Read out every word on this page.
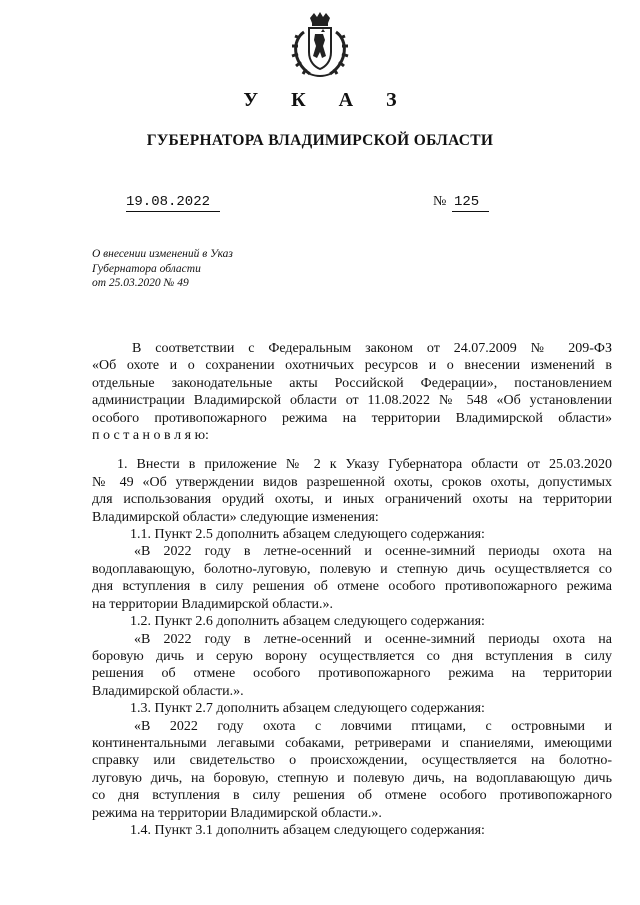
У К А З
ГУБЕРНАТОРА ВЛАДИМИРСКОЙ ОБЛАСТИ
19.08.2022	№ 125
О внесении изменений в Указ
Губернатора области
от 25.03.2020 № 49
В соответствии с Федеральным законом от 24.07.2009 № 209-ФЗ
«Об охоте и о сохранении охотничьих ресурсов и о внесении изменений в
отдельные законодательные акты Российской Федерации», постановлением
администрации Владимирской области от 11.08.2022 № 548 «Об установлении
особого противопожарного режима на территории Владимирской области»
п о с т а н о в л я ю:
1. Внести в приложение № 2 к Указу Губернатора области от 25.03.2020
№ 49 «Об утверждении видов разрешенной охоты, сроков охоты, допустимых
для использования орудий охоты, и иных ограничений охоты на территории
Владимирской области» следующие изменения:
1.1. Пункт 2.5 дополнить абзацем следующего содержания:
«В 2022 году в летне-осенний и осенне-зимний периоды охота на
водоплавающую, болотно-луговую, полевую и степную дичь осуществляется со
дня вступления в силу решения об отмене особого противопожарного режима
на территории Владимирской области.».
1.2. Пункт 2.6 дополнить абзацем следующего содержания:
«В 2022 году в летне-осенний и осенне-зимний периоды охота на
боровую дичь и серую ворону осуществляется со дня вступления в силу
решения об отмене особого противопожарного режима на территории
Владимирской области.».
1.3. Пункт 2.7 дополнить абзацем следующего содержания:
«В 2022 году охота с ловчими птицами, с островными и
континентальными легавыми собаками, ретриверами и спаниелями, имеющими
справку или свидетельство о происхождении, осуществляется на болотно-
луговую дичь, на боровую, степную и полевую дичь, на водоплавающую дичь
со дня вступления в силу решения об отмене особого противопожарного
режима на территории Владимирской области.».
1.4. Пункт 3.1 дополнить абзацем следующего содержания:
